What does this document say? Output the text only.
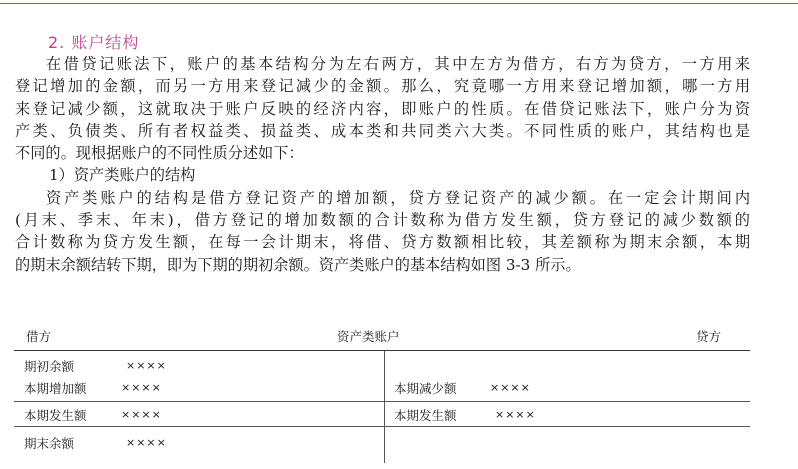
2. 账户结构
在借贷记账法下，账户的基本结构分为左右两方，其中左方为借方，右方为贷方，一方用来
登记增加的金额，而另一方用来登记减少的金额。那么，究竟哪一方用来登记增加额，哪一方用
来登记减少额，这就取决于账户反映的经济内容，即账户的性质。在借贷记账法下，账户分为资
产类、负债类、所有者权益类、损益类、成本类和共同类六大类。不同性质的账户，其结构也是
不同的。现根据账户的不同性质分述如下：
1）资产类账户的结构
资产类账户的结构是借方登记资产的增加额，贷方登记资产的减少额。在一定会计期间内
(月末、季末、年末)，借方登记的增加数额的合计数称为借方发生额，贷方登记的减少数额的
合计数称为贷方发生额，在每一会计期末，将借、贷方数额相比较，其差额称为期末余额，本期
的期末余额结转下期，即为下期的期初余额。资产类账户的基本结构如图 3-3 所示。
借方	资产类账户	贷方
期初余额	××××
本期增加额	××××	本期减少额	××××
本期发生额	××××	本期发生额	××××
期末余额	××××
